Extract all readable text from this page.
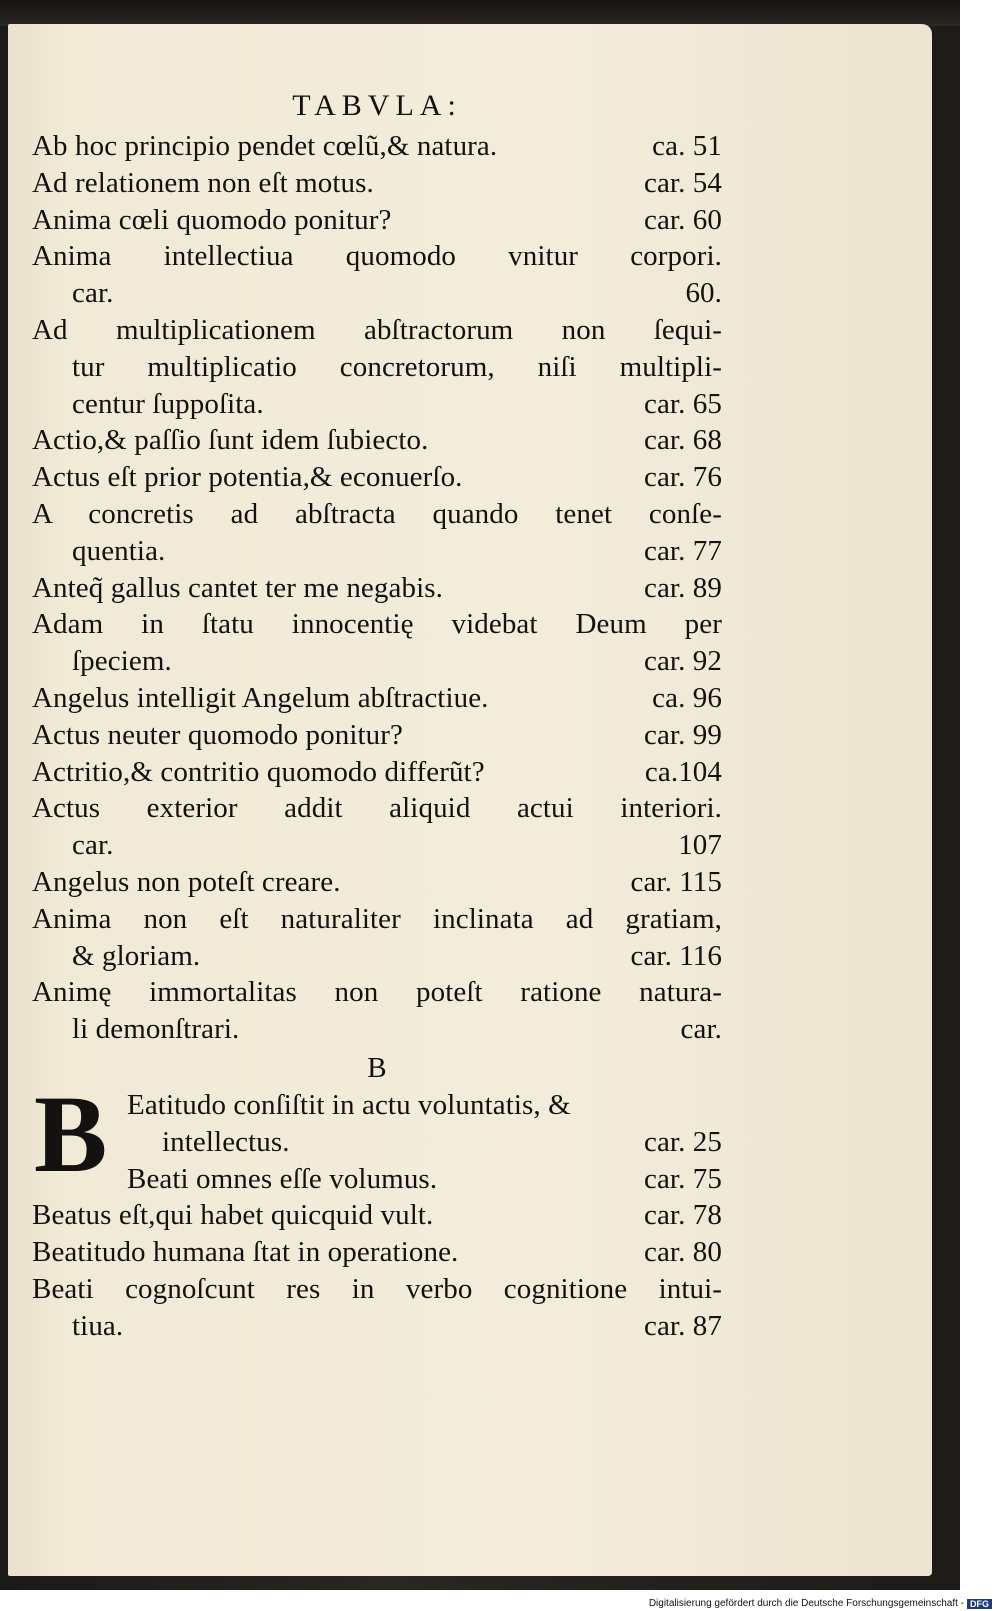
TABVLA:
Ab hoc principio pendet cœlũ,& natura.	ca. 51
Ad relationem non eſt motus.	car. 54
Anima cœli quomodo ponitur?	car. 60
Anima intellectiua quomodo vnitur corpori.
car.	60.
Ad multiplicationem abſtractorum non ſequi-
tur multiplicatio concretorum, niſi multipli-
centur ſuppoſita.	car. 65
Actio,& paſſio ſunt idem ſubiecto.	car. 68
Actus eſt prior potentia,& econuerſo.	car. 76
A concretis ad abſtracta quando tenet conſe-
quentia.	car. 77
Anteq̃ gallus cantet ter me negabis.	car. 89
Adam in ſtatu innocentię videbat Deum per
ſpeciem.	car. 92
Angelus intelligit Angelum abſtractiue.	ca. 96
Actus neuter quomodo ponitur?	car. 99
Actritio,& contritio quomodo differũt?	ca.104
Actus exterior addit aliquid actui interiori.
car.	107
Angelus non poteſt creare.	car. 115
Anima non eſt naturaliter inclinata ad gratiam,
& gloriam.	car. 116
Animę immortalitas non poteſt ratione natura-
li demonſtrari.	car.
B
B Eatitudo conſiſtit in actu voluntatis, &
intellectus.	car. 25
Beati omnes eſſe volumus.	car. 75
Beatus eſt,qui habet quicquid vult.	car. 78
Beatitudo humana ſtat in operatione.	car. 80
Beati cognoſcunt res in verbo cognitione intui-
tiua.	car. 87
Digitalisierung gefördert durch die Deutsche Forschungsgemeinschaft - DFG
